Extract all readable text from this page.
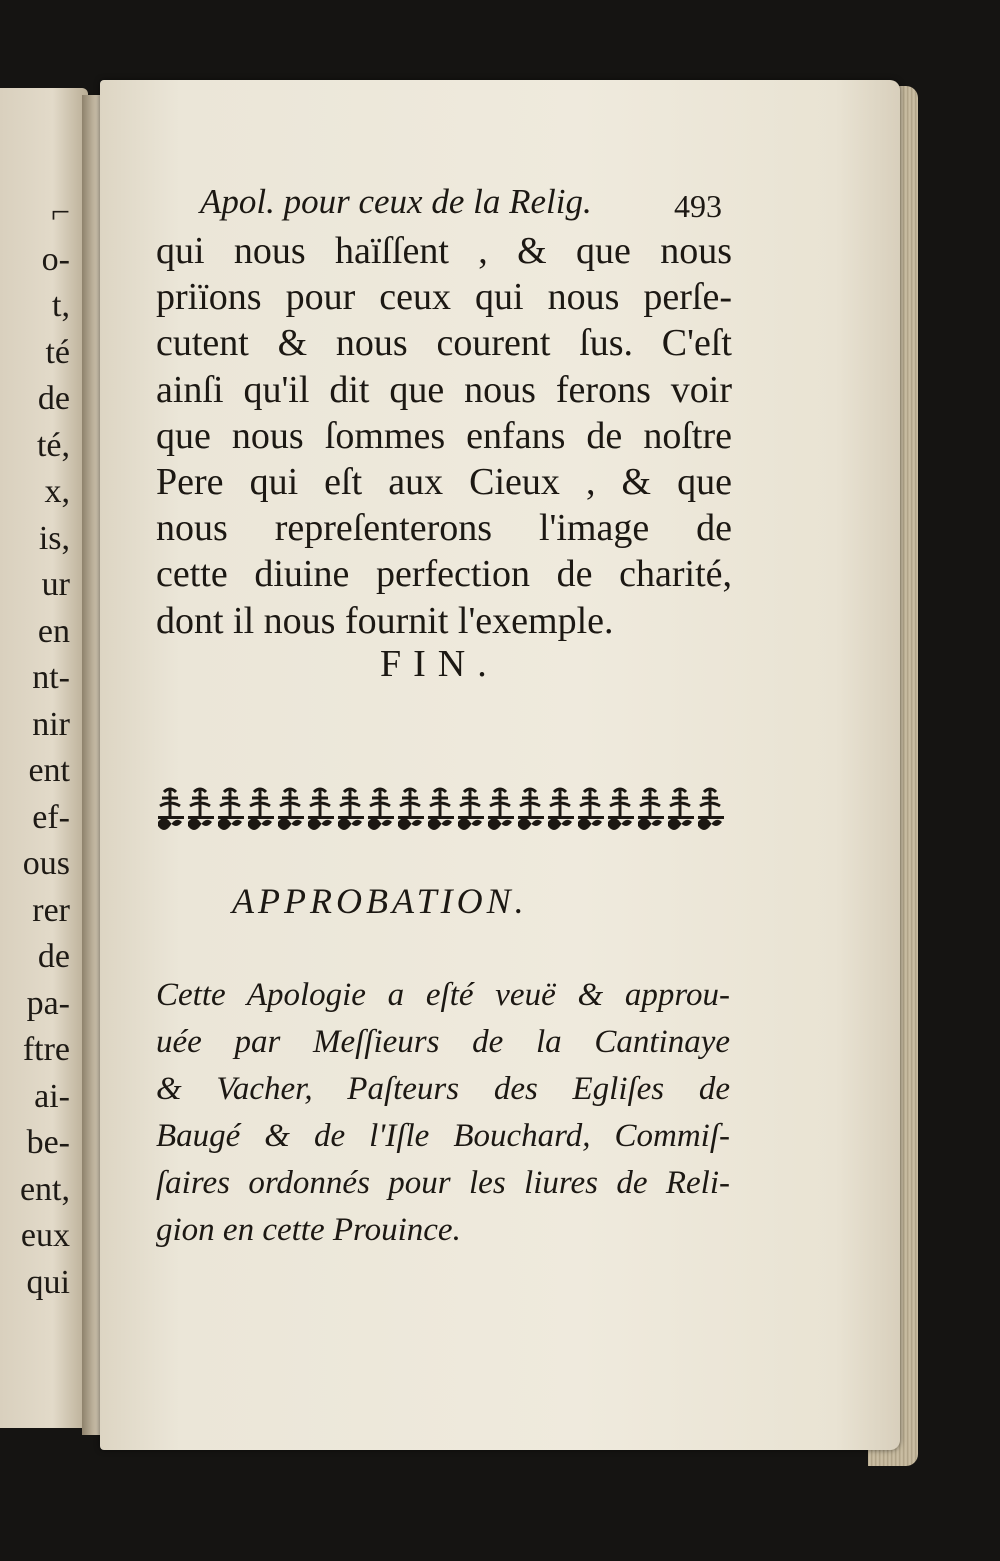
⌐
o-
t,
té
de
té,
x,
is,
ur
en
nt-
nir
ent
ef-
ous
rer
de
pa-
ftre
ai-
be-
ent,
eux
qui
Apol. pour ceux de la Relig.	493
qui nous haïſſent , & que nous
priïons pour ceux qui nous perſe-
cutent & nous courent ſus. C'eſt
ainſi qu'il dit que nous ferons voir
que nous ſommes enfans de noſtre
Pere qui eſt aux Cieux , & que
nous repreſenterons l'image de
cette diuine perfection de charité,
dont il nous fournit l'exemple.
FIN.
APPROBATION.
Cette Apologie a eſté veuë & approu-
uée par Meſſieurs de la Cantinaye
& Vacher, Paſteurs des Egliſes de
Baugé & de l'Iſle Bouchard, Commiſ-
ſaires ordonnés pour les liures de Reli-
gion en cette Prouince.
